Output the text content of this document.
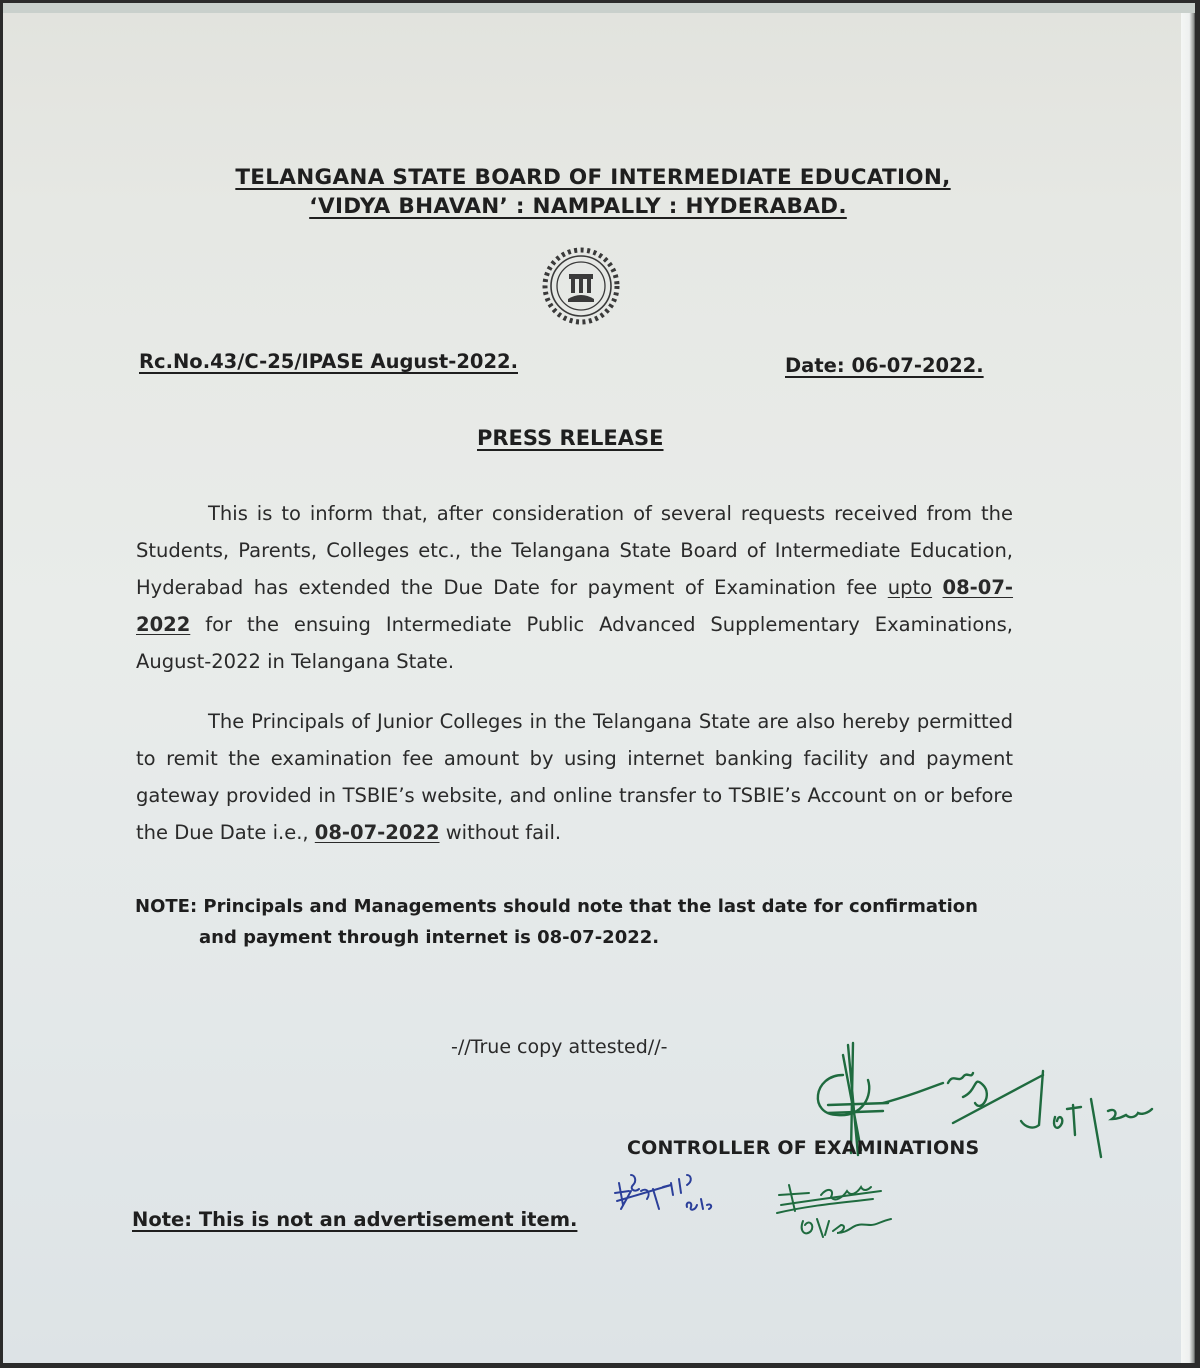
TELANGANA STATE BOARD OF INTERMEDIATE EDUCATION,
‘VIDYA BHAVAN’ : NAMPALLY : HYDERABAD.
Rc.No.43/C-25/IPASE August-2022.	Date: 06-07-2022.
PRESS RELEASE
This is to inform that, after consideration of several requests received from the Students, Parents, Colleges etc., the Telangana State Board of Intermediate Education, Hyderabad has extended the Due Date for payment of Examination fee upto 08-07-2022 for the ensuing Intermediate Public Advanced Supplementary Examinations, August-2022 in Telangana State.
The Principals of Junior Colleges in the Telangana State are also hereby permitted to remit the examination fee amount by using internet banking facility and payment gateway provided in TSBIE’s website, and online transfer to TSBIE’s Account on or before the Due Date i.e., 08-07-2022 without fail.
NOTE: Principals and Managements should note that the last date for confirmation
and payment through internet is 08-07-2022.
-//True copy attested//-
CONTROLLER OF EXAMINATIONS
Note: This is not an advertisement item.
